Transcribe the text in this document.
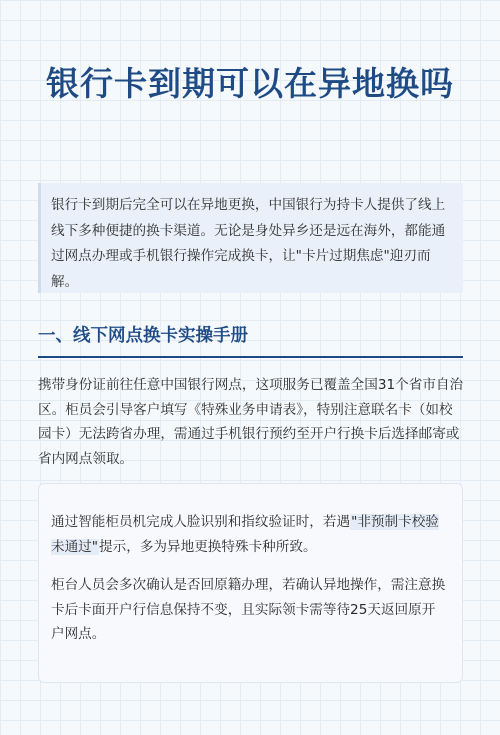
银行卡到期可以在异地换吗
银行卡到期后完全可以在异地更换，中国银行为持卡人提供了线上线下多种便捷的换卡渠道。无论是身处异乡还是远在海外，都能通过网点办理或手机银行操作完成换卡，让"卡片过期焦虑"迎刃而解。
一、线下网点换卡实操手册
携带身份证前往任意中国银行网点，这项服务已覆盖全国31个省市自治区。柜员会引导客户填写《特殊业务申请表》，特别注意联名卡（如校园卡）无法跨省办理，需通过手机银行预约至开户行换卡后选择邮寄或省内网点领取。

通过智能柜员机完成人脸识别和指纹验证时，若遇"非预制卡校验未通过"提示，多为异地更换特殊卡种所致。

柜台人员会多次确认是否回原籍办理，若确认异地操作，需注意换卡后卡面开户行信息保持不变，且实际领卡需等待25天返回原开户网点。
